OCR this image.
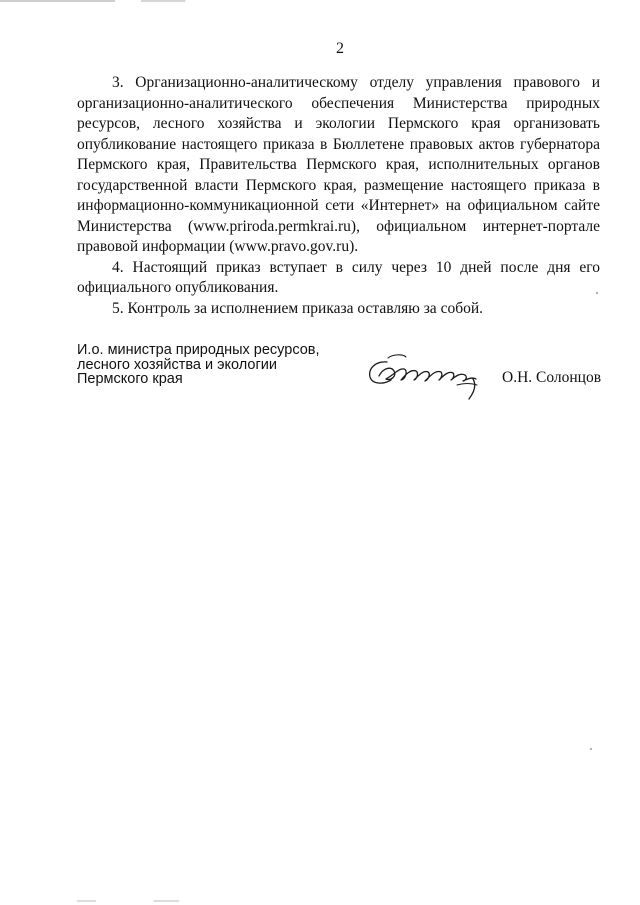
2

3. Организационно-аналитическому отделу управления правового и организационно-аналитического обеспечения Министерства природных ресурсов, лесного хозяйства и экологии Пермского края организовать опубликование настоящего приказа в Бюллетене правовых актов губернатора Пермского края, Правительства Пермского края, исполнительных органов государственной власти Пермского края, размещение настоящего приказа в информационно-коммуникационной сети «Интернет» на официальном сайте Министерства (www.priroda.permkrai.ru), официальном интернет-портале правовой информации (www.pravo.gov.ru).

4. Настоящий приказ вступает в силу через 10 дней после дня его официального опубликования.

5. Контроль за исполнением приказа оставляю за собой.

И.о. министра природных ресурсов,
лесного хозяйства и экологии
Пермского края	О.Н. Солонцов
